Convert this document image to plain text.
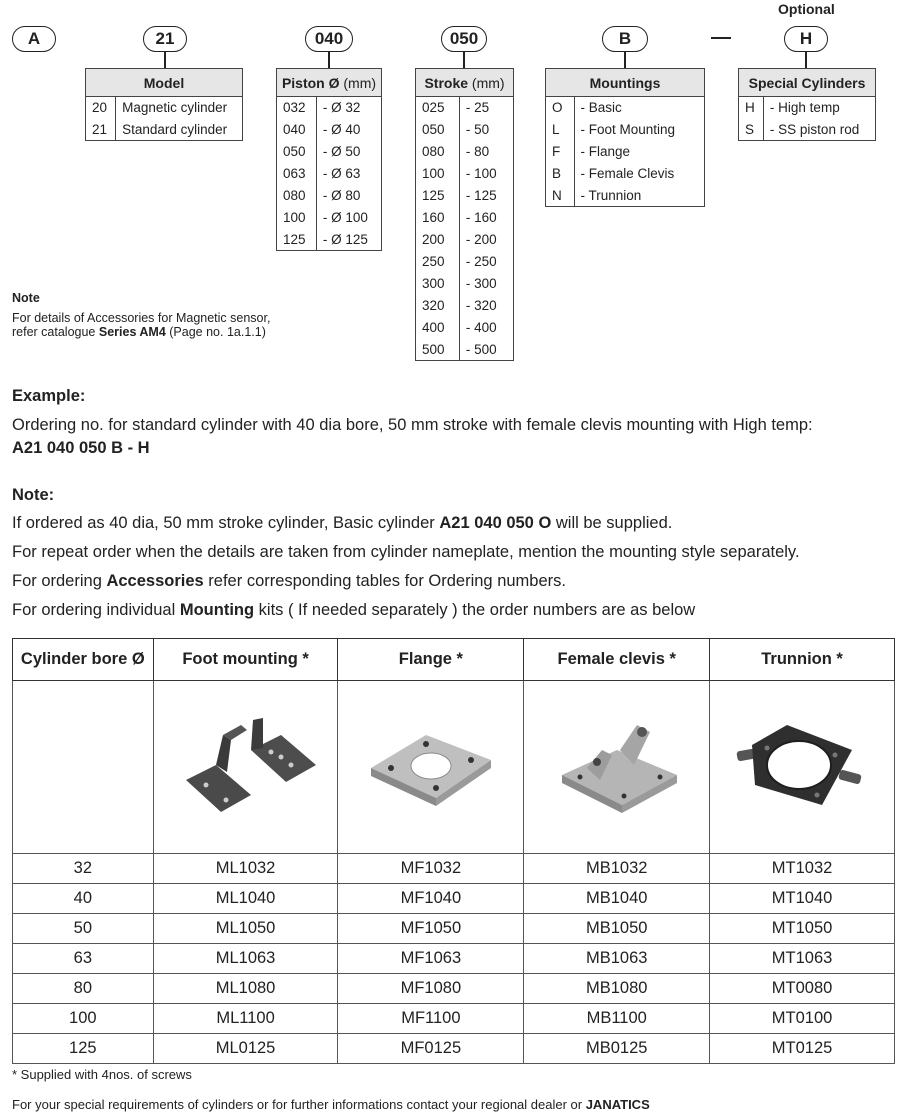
Optional
A	21	040	050	B	H
Model	
20	Magnetic cylinder
21	Standard cylinder
Piston Ø (mm)	
032	- Ø 32
040	- Ø 40
050	- Ø 50
063	- Ø 63
080	- Ø 80
100	- Ø 100
125	- Ø 125
Stroke (mm)	
025	- 25
050	- 50
080	- 80
100	- 100
125	- 125
160	- 160
200	- 200
250	- 250
300	- 300
320	- 320
400	- 400
500	- 500
Mountings	
O	- Basic
L	- Foot Mounting
F	- Flange
B	- Female Clevis
N	- Trunnion
Special Cylinders	
H	- High temp
S	- SS piston rod
Note
For details of Accessories for Magnetic sensor,
refer catalogue Series AM4 (Page no. 1a.1.1)
Example:
Ordering no. for standard cylinder with 40 dia bore, 50 mm stroke with female clevis mounting with High temp:
A21 040 050 B - H
Note:
If ordered as 40 dia, 50 mm stroke cylinder, Basic cylinder A21 040 050 O will be supplied.
For repeat order when the details are taken from cylinder nameplate, mention the mounting style separately.
For ordering Accessories refer corresponding tables for Ordering numbers.
For ordering individual Mounting kits ( If needed separately ) the order numbers are as below
Cylinder bore Ø	Foot mounting *	Flange *	Female clevis *	Trunnion *

32	ML1032	MF1032	MB1032	MT1032
40	ML1040	MF1040	MB1040	MT1040
50	ML1050	MF1050	MB1050	MT1050
63	ML1063	MF1063	MB1063	MT1063
80	ML1080	MF1080	MB1080	MT0080
100	ML1100	MF1100	MB1100	MT0100
125	ML0125	MF0125	MB0125	MT0125
* Supplied with 4nos. of screws
For your special requirements of cylinders or for further informations contact your regional dealer or JANATICS
